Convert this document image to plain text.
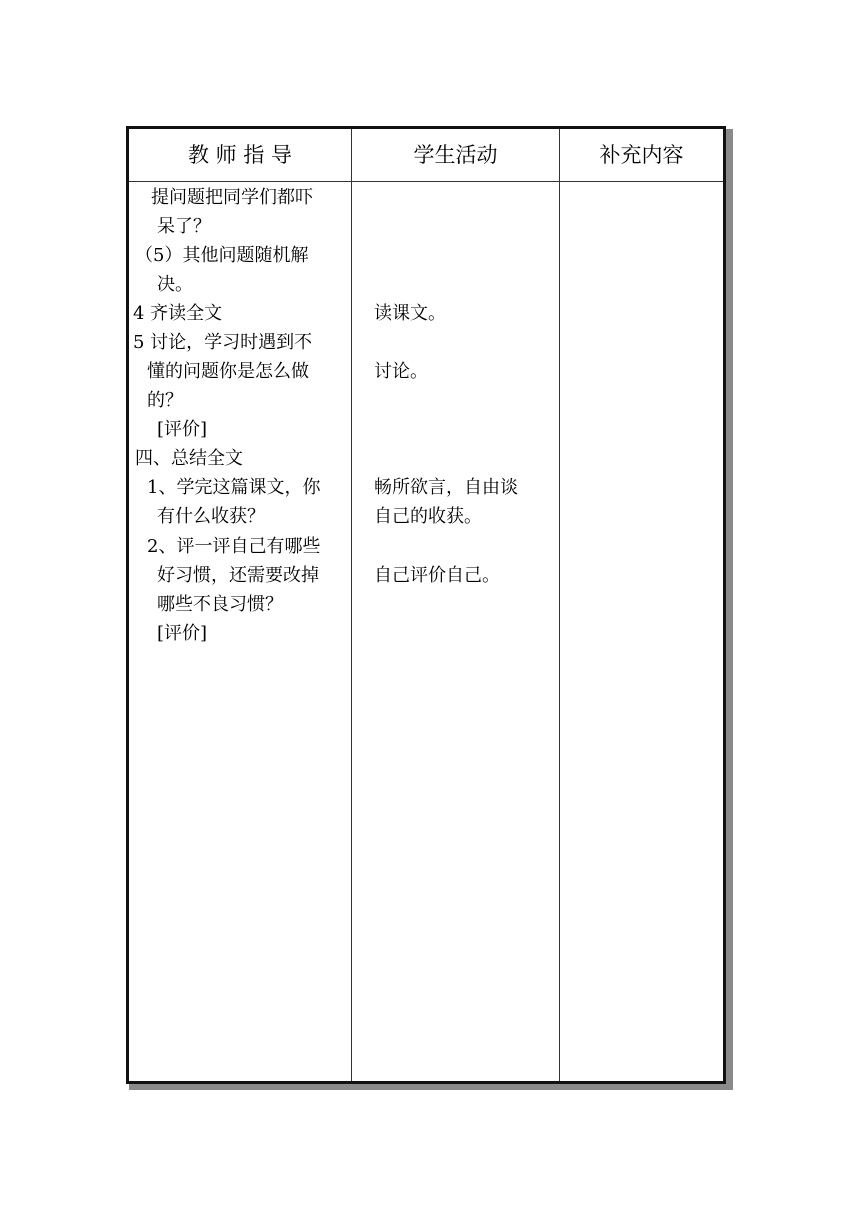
教 师 指 导	学生活动	补充内容
提问题把同学们都吓
呆了？
（5）其他问题随机解
决。
4 齐读全文
5 讨论，学习时遇到不
懂的问题你是怎么做
的？
[评价]
四、总结全文
1、学完这篇课文，你
有什么收获？
2、评一评自己有哪些
好习惯，还需要改掉
哪些不良习惯？
[评价]
读课文。
讨论。
畅所欲言，自由谈
自己的收获。
自己评价自己。
